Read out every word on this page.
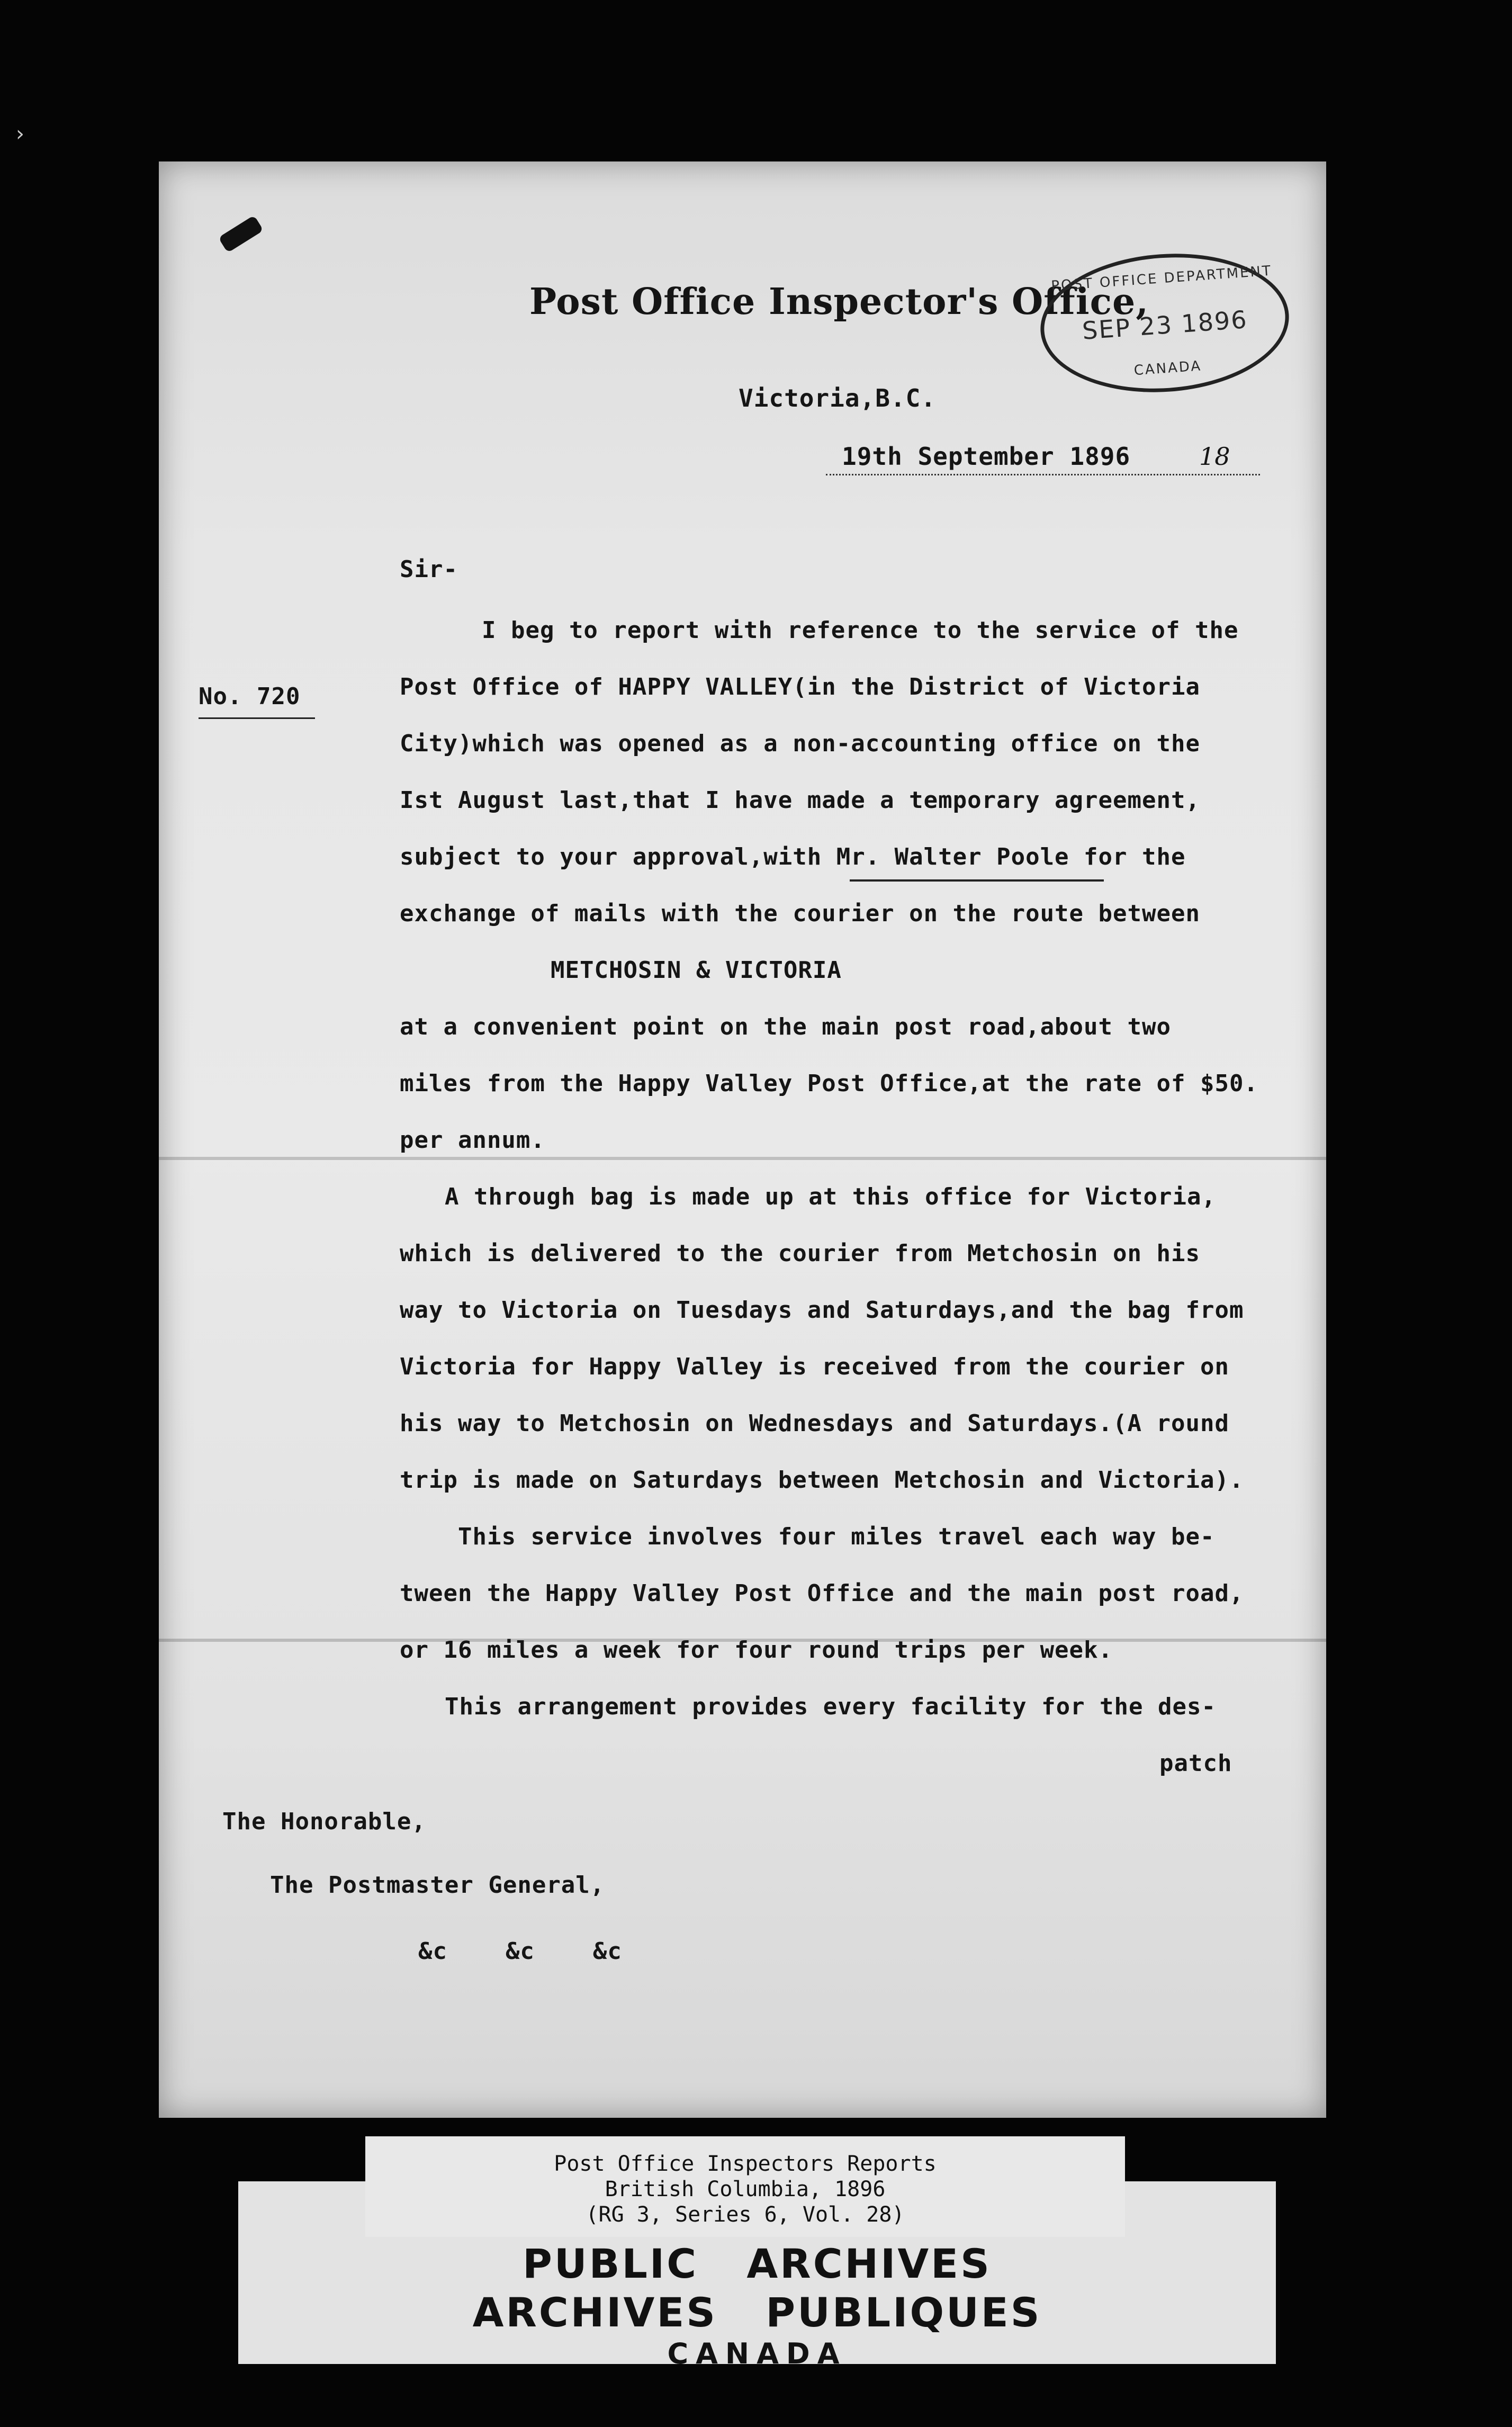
›
Post Office Inspector's Office,
POST OFFICE DEPARTMENT
SEP 23 1896
CANADA
Victoria,B.C.
19th September 1896	18
Sir-
No. 720
I beg to report with reference to the service of the
Post Office of HAPPY VALLEY(in the District of Victoria
City)which was opened as a non-accounting office on the
Ist August last,that I have made a temporary agreement,
subject to your approval,with Mr. Walter Poole for the
exchange of mails with the courier on the route between
METCHOSIN & VICTORIA
at a convenient point on the main post road,about two
miles from the Happy Valley Post Office,at the rate of $50.
per annum.
A through bag is made up at this office for Victoria,
which is delivered to the courier from Metchosin on his
way to Victoria on Tuesdays and Saturdays,and the bag from
Victoria for Happy Valley is received from the courier on
his way to Metchosin on Wednesdays and Saturdays.(A round
trip is made on Saturdays between Metchosin and Victoria).
This service involves four miles travel each way be-
tween the Happy Valley Post Office and the main post road,
or 16 miles a week for four round trips per week.
This arrangement provides every facility for the des-
patch
The Honorable,
The Postmaster General,
&c    &c    &c
PUBLIC   ARCHIVES
ARCHIVES   PUBLIQUES
CANADA
Post Office Inspectors Reports
British Columbia, 1896
(RG 3, Series 6, Vol. 28)
